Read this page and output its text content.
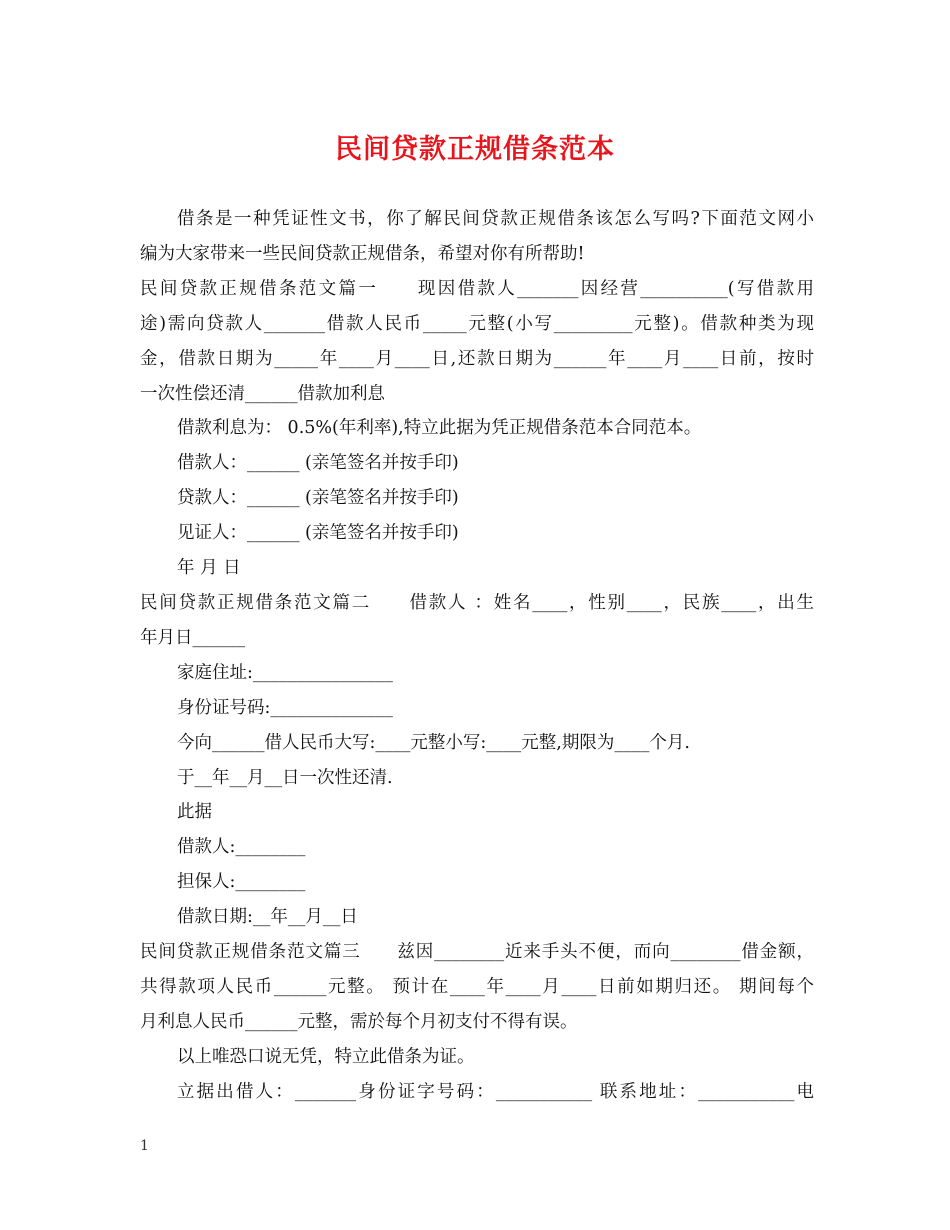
民间贷款正规借条范本

借条是一种凭证性文书，你了解民间贷款正规借条该怎么写吗?下面范文网小

编为大家带来一些民间贷款正规借条，希望对你有所帮助!

民间贷款正规借条范文篇一　　现因借款人_______因经营__________(写借款用

途)需向贷款人_______借款人民币_____元整(小写_________元整)。借款种类为现

金，借款日期为_____年____月____日,还款日期为______年____月____日前，按时

一次性偿还清______借款加利息

借款利息为： 0.5%(年利率),特立此据为凭正规借条范本合同范本。

借款人：______ (亲笔签名并按手印)

贷款人：______ (亲笔签名并按手印)

见证人：______ (亲笔签名并按手印)

年 月 日

民间贷款正规借条范文篇二　　借款人 ：姓名____，性别____，民族____，出生

年月日______

家庭住址:________________

身份证号码:______________

今向______借人民币大写:____元整小写:____元整,期限为____个月.

于__年__月__日一次性还清.

此据

借款人:________

担保人:________

借款日期:__年__月__日

民间贷款正规借条范文篇三　　兹因________近来手头不便，而向________借金额，

共得款项人民币______元整。 预计在____年____月____日前如期归还。 期间每个

月利息人民币______元整，需於每个月初支付不得有误。

以上唯恐口说无凭，特立此借条为证。

立据出借人：_______身份证字号码：___________ 联系地址：___________电

1
